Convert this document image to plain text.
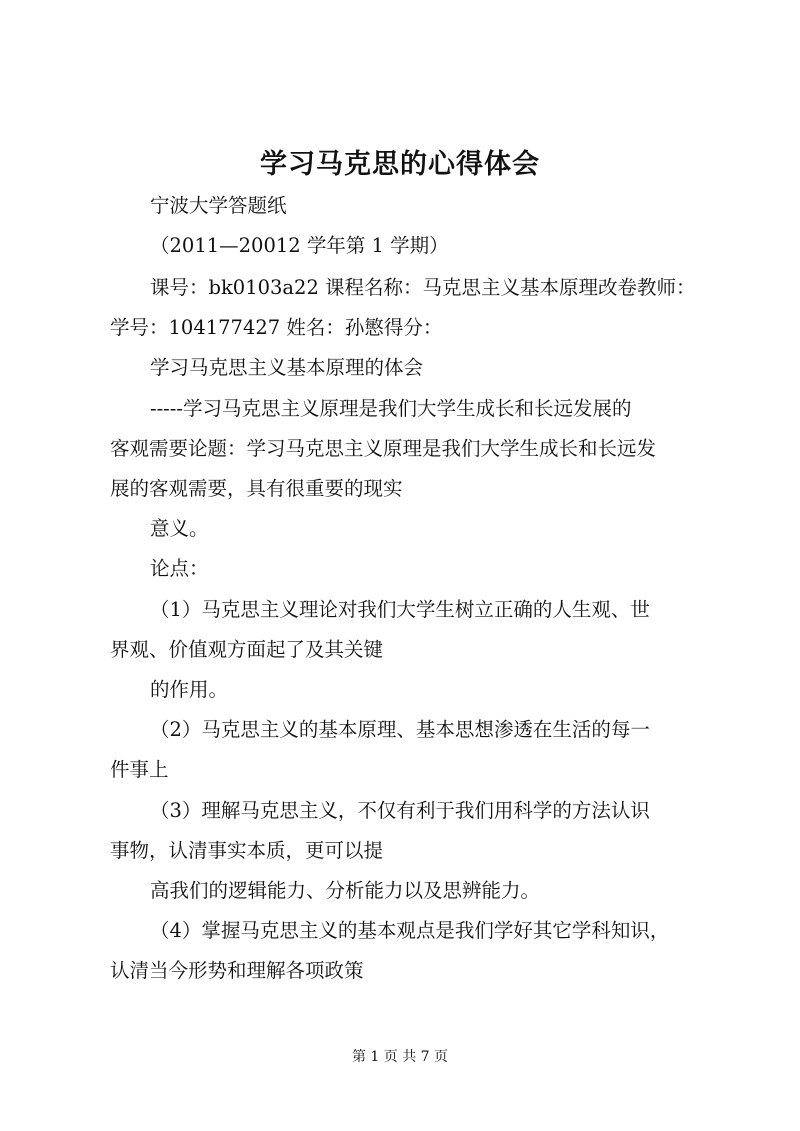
学习马克思的心得体会
宁波大学答题纸
（2011—20012 学年第 1 学期）
课号：bk0103a22 课程名称：马克思主义基本原理改卷教师：
学号：104177427 姓名：孙慜得分：
学习马克思主义基本原理的体会
-----学习马克思主义原理是我们大学生成长和长远发展的
客观需要论题：学习马克思主义原理是我们大学生成长和长远发
展的客观需要，具有很重要的现实
意义。
论点：
（1）马克思主义理论对我们大学生树立正确的人生观、世
界观、价值观方面起了及其关键
的作用。
（2）马克思主义的基本原理、基本思想渗透在生活的每一
件事上
（3）理解马克思主义，不仅有利于我们用科学的方法认识
事物，认清事实本质，更可以提
高我们的逻辑能力、分析能力以及思辨能力。
（4）掌握马克思主义的基本观点是我们学好其它学科知识，
认清当今形势和理解各项政策
第 1 页 共 7 页
